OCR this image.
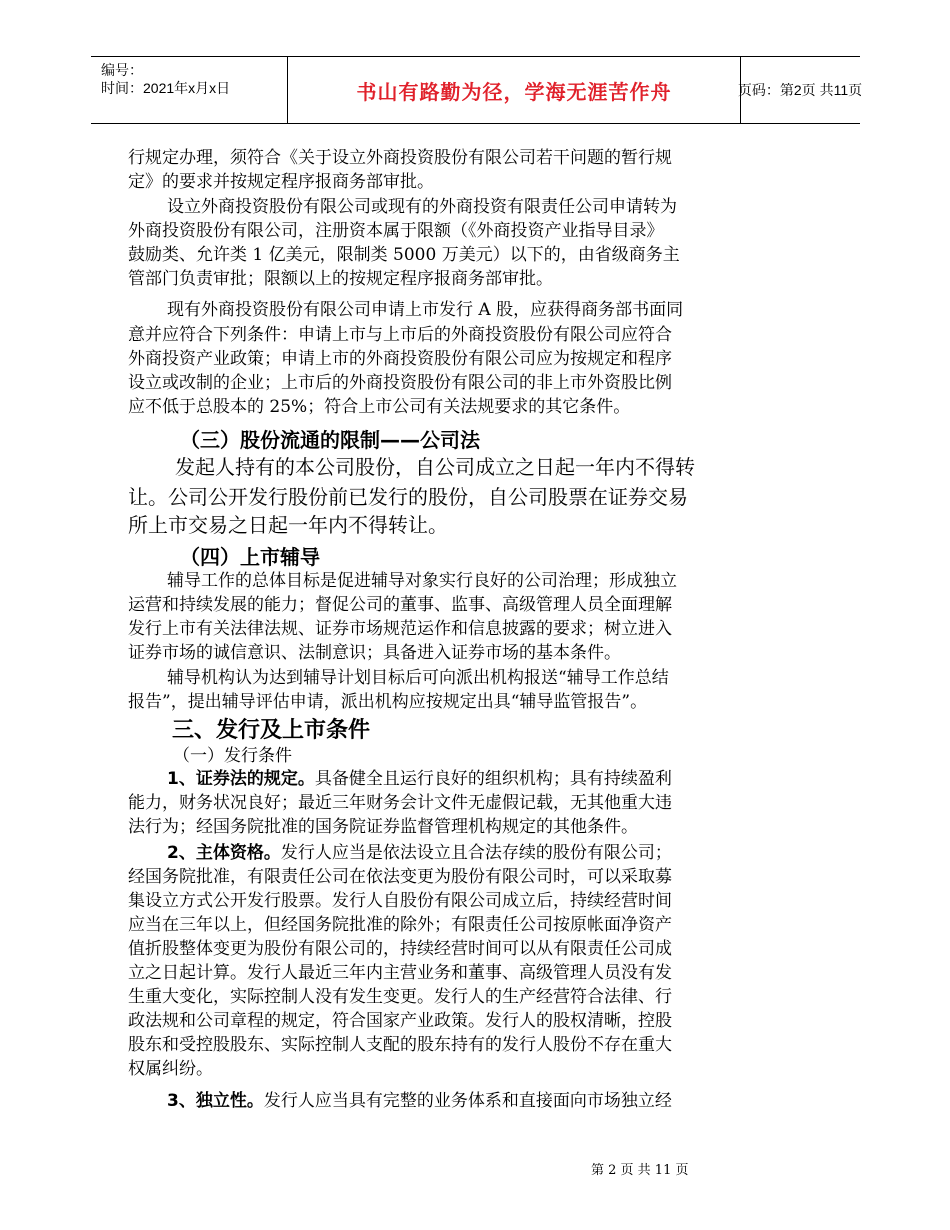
编号：
时间：2021年x月x日	书山有路勤为径，学海无涯苦作舟	页码：第2页 共11页
行规定办理，须符合《关于设立外商投资股份有限公司若干问题的暂行规
定》的要求并按规定程序报商务部审批。
设立外商投资股份有限公司或现有的外商投资有限责任公司申请转为
外商投资股份有限公司，注册资本属于限额（《外商投资产业指导目录》
鼓励类、允许类 1 亿美元，限制类 5000 万美元）以下的，由省级商务主
管部门负责审批；限额以上的按规定程序报商务部审批。
现有外商投资股份有限公司申请上市发行 A 股，应获得商务部书面同
意并应符合下列条件：申请上市与上市后的外商投资股份有限公司应符合
外商投资产业政策；申请上市的外商投资股份有限公司应为按规定和程序
设立或改制的企业；上市后的外商投资股份有限公司的非上市外资股比例
应不低于总股本的 25%；符合上市公司有关法规要求的其它条件。
（三）股份流通的限制——公司法
发起人持有的本公司股份，自公司成立之日起一年内不得转
让。公司公开发行股份前已发行的股份，自公司股票在证券交易
所上市交易之日起一年内不得转让。
（四）上市辅导
辅导工作的总体目标是促进辅导对象实行良好的公司治理；形成独立
运营和持续发展的能力；督促公司的董事、监事、高级管理人员全面理解
发行上市有关法律法规、证券市场规范运作和信息披露的要求；树立进入
证券市场的诚信意识、法制意识；具备进入证券市场的基本条件。
辅导机构认为达到辅导计划目标后可向派出机构报送“辅导工作总结
报告”，提出辅导评估申请，派出机构应按规定出具“辅导监管报告”。
三、发行及上市条件
（一）发行条件
1、证券法的规定。具备健全且运行良好的组织机构；具有持续盈利
能力，财务状况良好；最近三年财务会计文件无虚假记载，无其他重大违
法行为；经国务院批准的国务院证券监督管理机构规定的其他条件。
2、主体资格。发行人应当是依法设立且合法存续的股份有限公司；
经国务院批准，有限责任公司在依法变更为股份有限公司时，可以采取募
集设立方式公开发行股票。发行人自股份有限公司成立后，持续经营时间
应当在三年以上，但经国务院批准的除外；有限责任公司按原帐面净资产
值折股整体变更为股份有限公司的，持续经营时间可以从有限责任公司成
立之日起计算。发行人最近三年内主营业务和董事、高级管理人员没有发
生重大变化，实际控制人没有发生变更。发行人的生产经营符合法律、行
政法规和公司章程的规定，符合国家产业政策。发行人的股权清晰，控股
股东和受控股股东、实际控制人支配的股东持有的发行人股份不存在重大
权属纠纷。
3、独立性。发行人应当具有完整的业务体系和直接面向市场独立经
第 2 页 共 11 页
